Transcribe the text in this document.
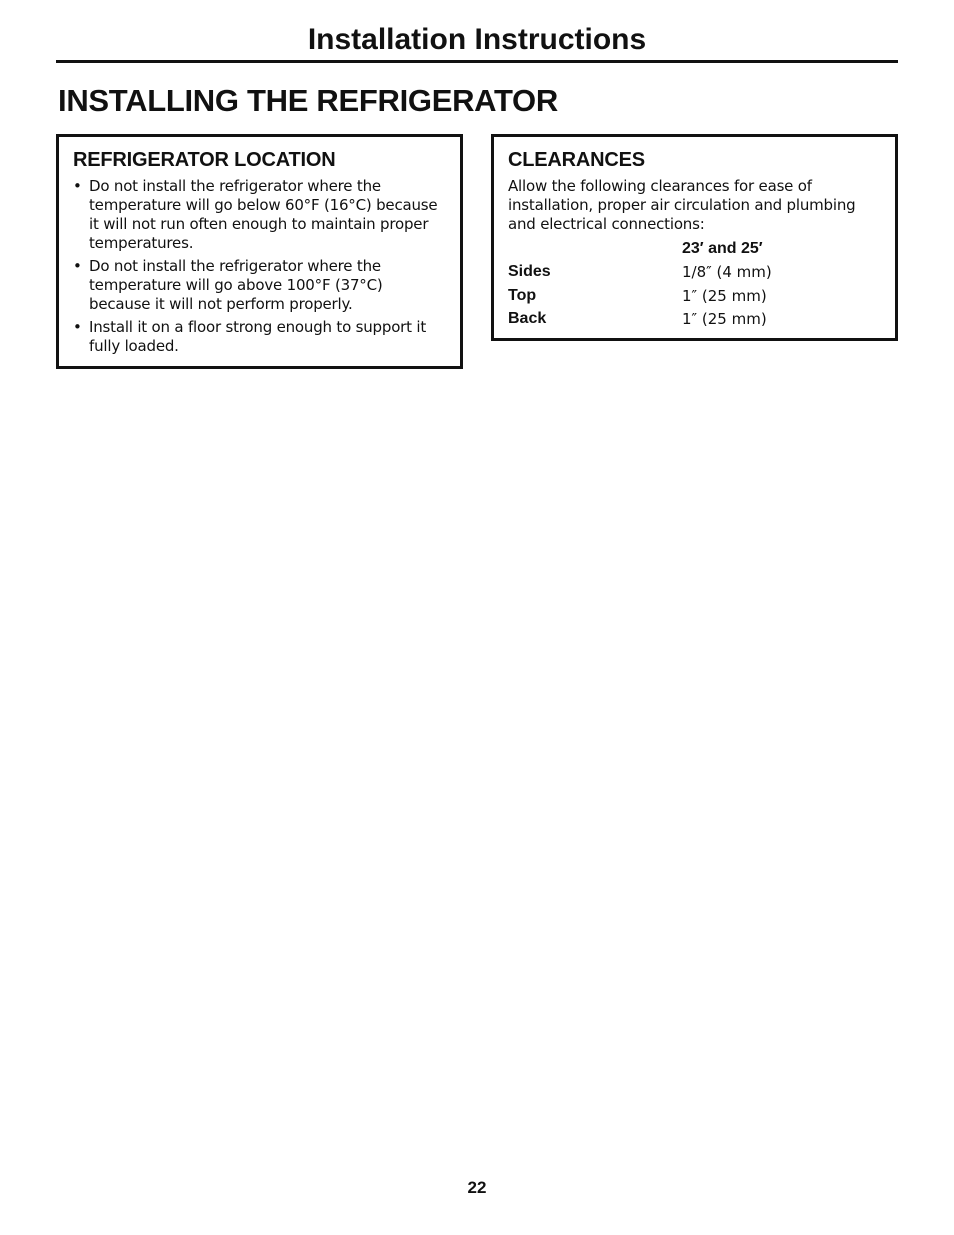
Installation Instructions
INSTALLING THE REFRIGERATOR
REFRIGERATOR LOCATION
• Do not install the refrigerator where the temperature will go below 60°F (16°C) because it will not run often enough to maintain proper temperatures.
• Do not install the refrigerator where the temperature will go above 100°F (37°C) because it will not perform properly.
• Install it on a floor strong enough to support it fully loaded.
CLEARANCES

Allow the following clearances for ease of installation, proper air circulation and plumbing and electrical connections:

	23′ and 25′
Sides	1/8″ (4 mm)
Top	1″ (25 mm)
Back	1″ (25 mm)
22
